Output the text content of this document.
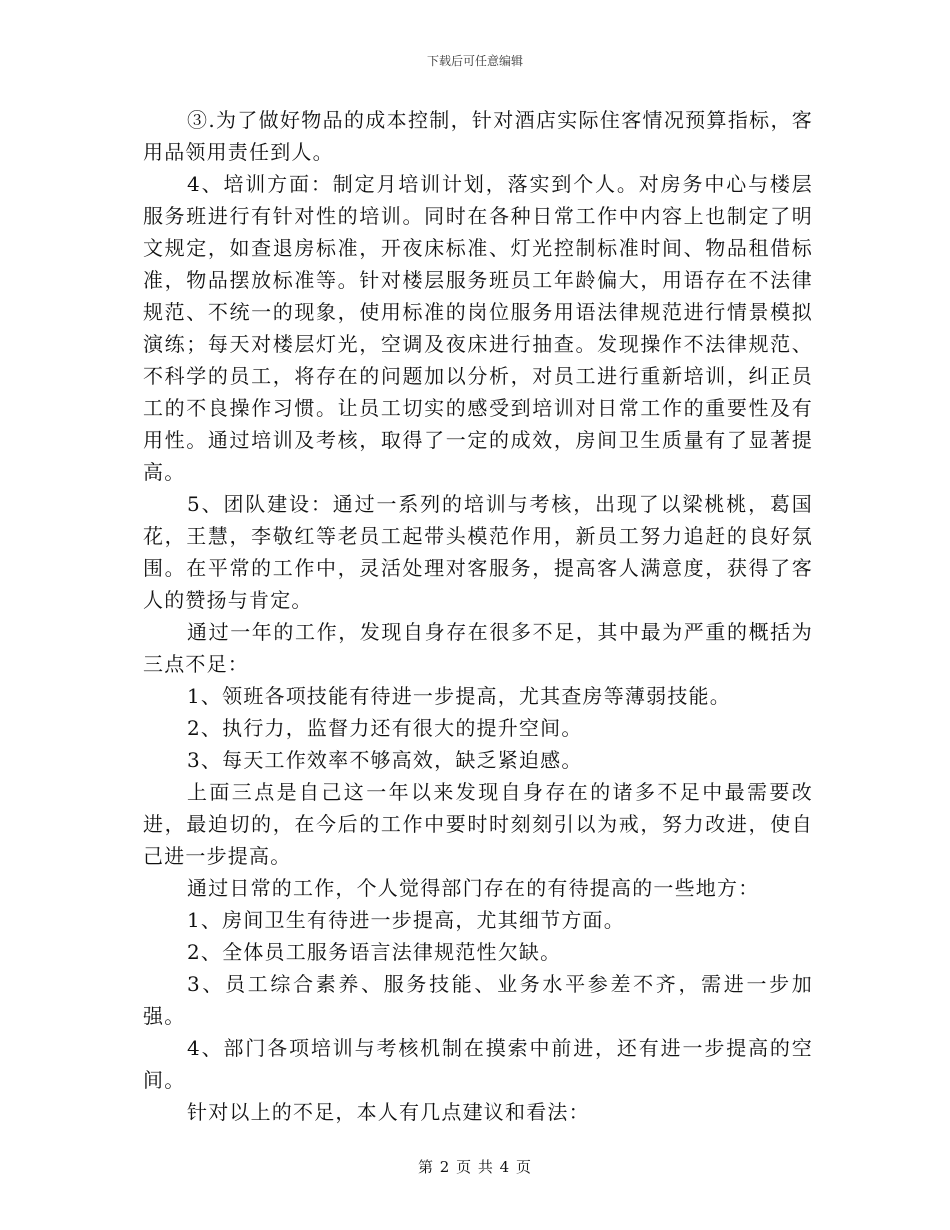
下载后可任意编辑

③.为了做好物品的成本控制，针对酒店实际住客情况预算指标，客用品领用责任到人。

4、培训方面：制定月培训计划，落实到个人。对房务中心与楼层服务班进行有针对性的培训。同时在各种日常工作中内容上也制定了明文规定，如查退房标准，开夜床标准、灯光控制标准时间、物品租借标准，物品摆放标准等。针对楼层服务班员工年龄偏大，用语存在不法律规范、不统一的现象，使用标准的岗位服务用语法律规范进行情景模拟演练；每天对楼层灯光，空调及夜床进行抽查。发现操作不法律规范、不科学的员工，将存在的问题加以分析，对员工进行重新培训，纠正员工的不良操作习惯。让员工切实的感受到培训对日常工作的重要性及有用性。通过培训及考核，取得了一定的成效，房间卫生质量有了显著提高。

5、团队建设：通过一系列的培训与考核，出现了以梁桃桃，葛国花，王慧，李敬红等老员工起带头模范作用，新员工努力追赶的良好氛围。在平常的工作中，灵活处理对客服务，提高客人满意度，获得了客人的赞扬与肯定。

通过一年的工作，发现自身存在很多不足，其中最为严重的概括为三点不足：

1、领班各项技能有待进一步提高，尤其查房等薄弱技能。

2、执行力，监督力还有很大的提升空间。

3、每天工作效率不够高效，缺乏紧迫感。

上面三点是自己这一年以来发现自身存在的诸多不足中最需要改进，最迫切的，在今后的工作中要时时刻刻引以为戒，努力改进，使自己进一步提高。

通过日常的工作，个人觉得部门存在的有待提高的一些地方：

1、房间卫生有待进一步提高，尤其细节方面。

2、全体员工服务语言法律规范性欠缺。

3、员工综合素养、服务技能、业务水平参差不齐，需进一步加强。

4、部门各项培训与考核机制在摸索中前进，还有进一步提高的空间。

针对以上的不足，本人有几点建议和看法：

第 2 页 共 4 页
